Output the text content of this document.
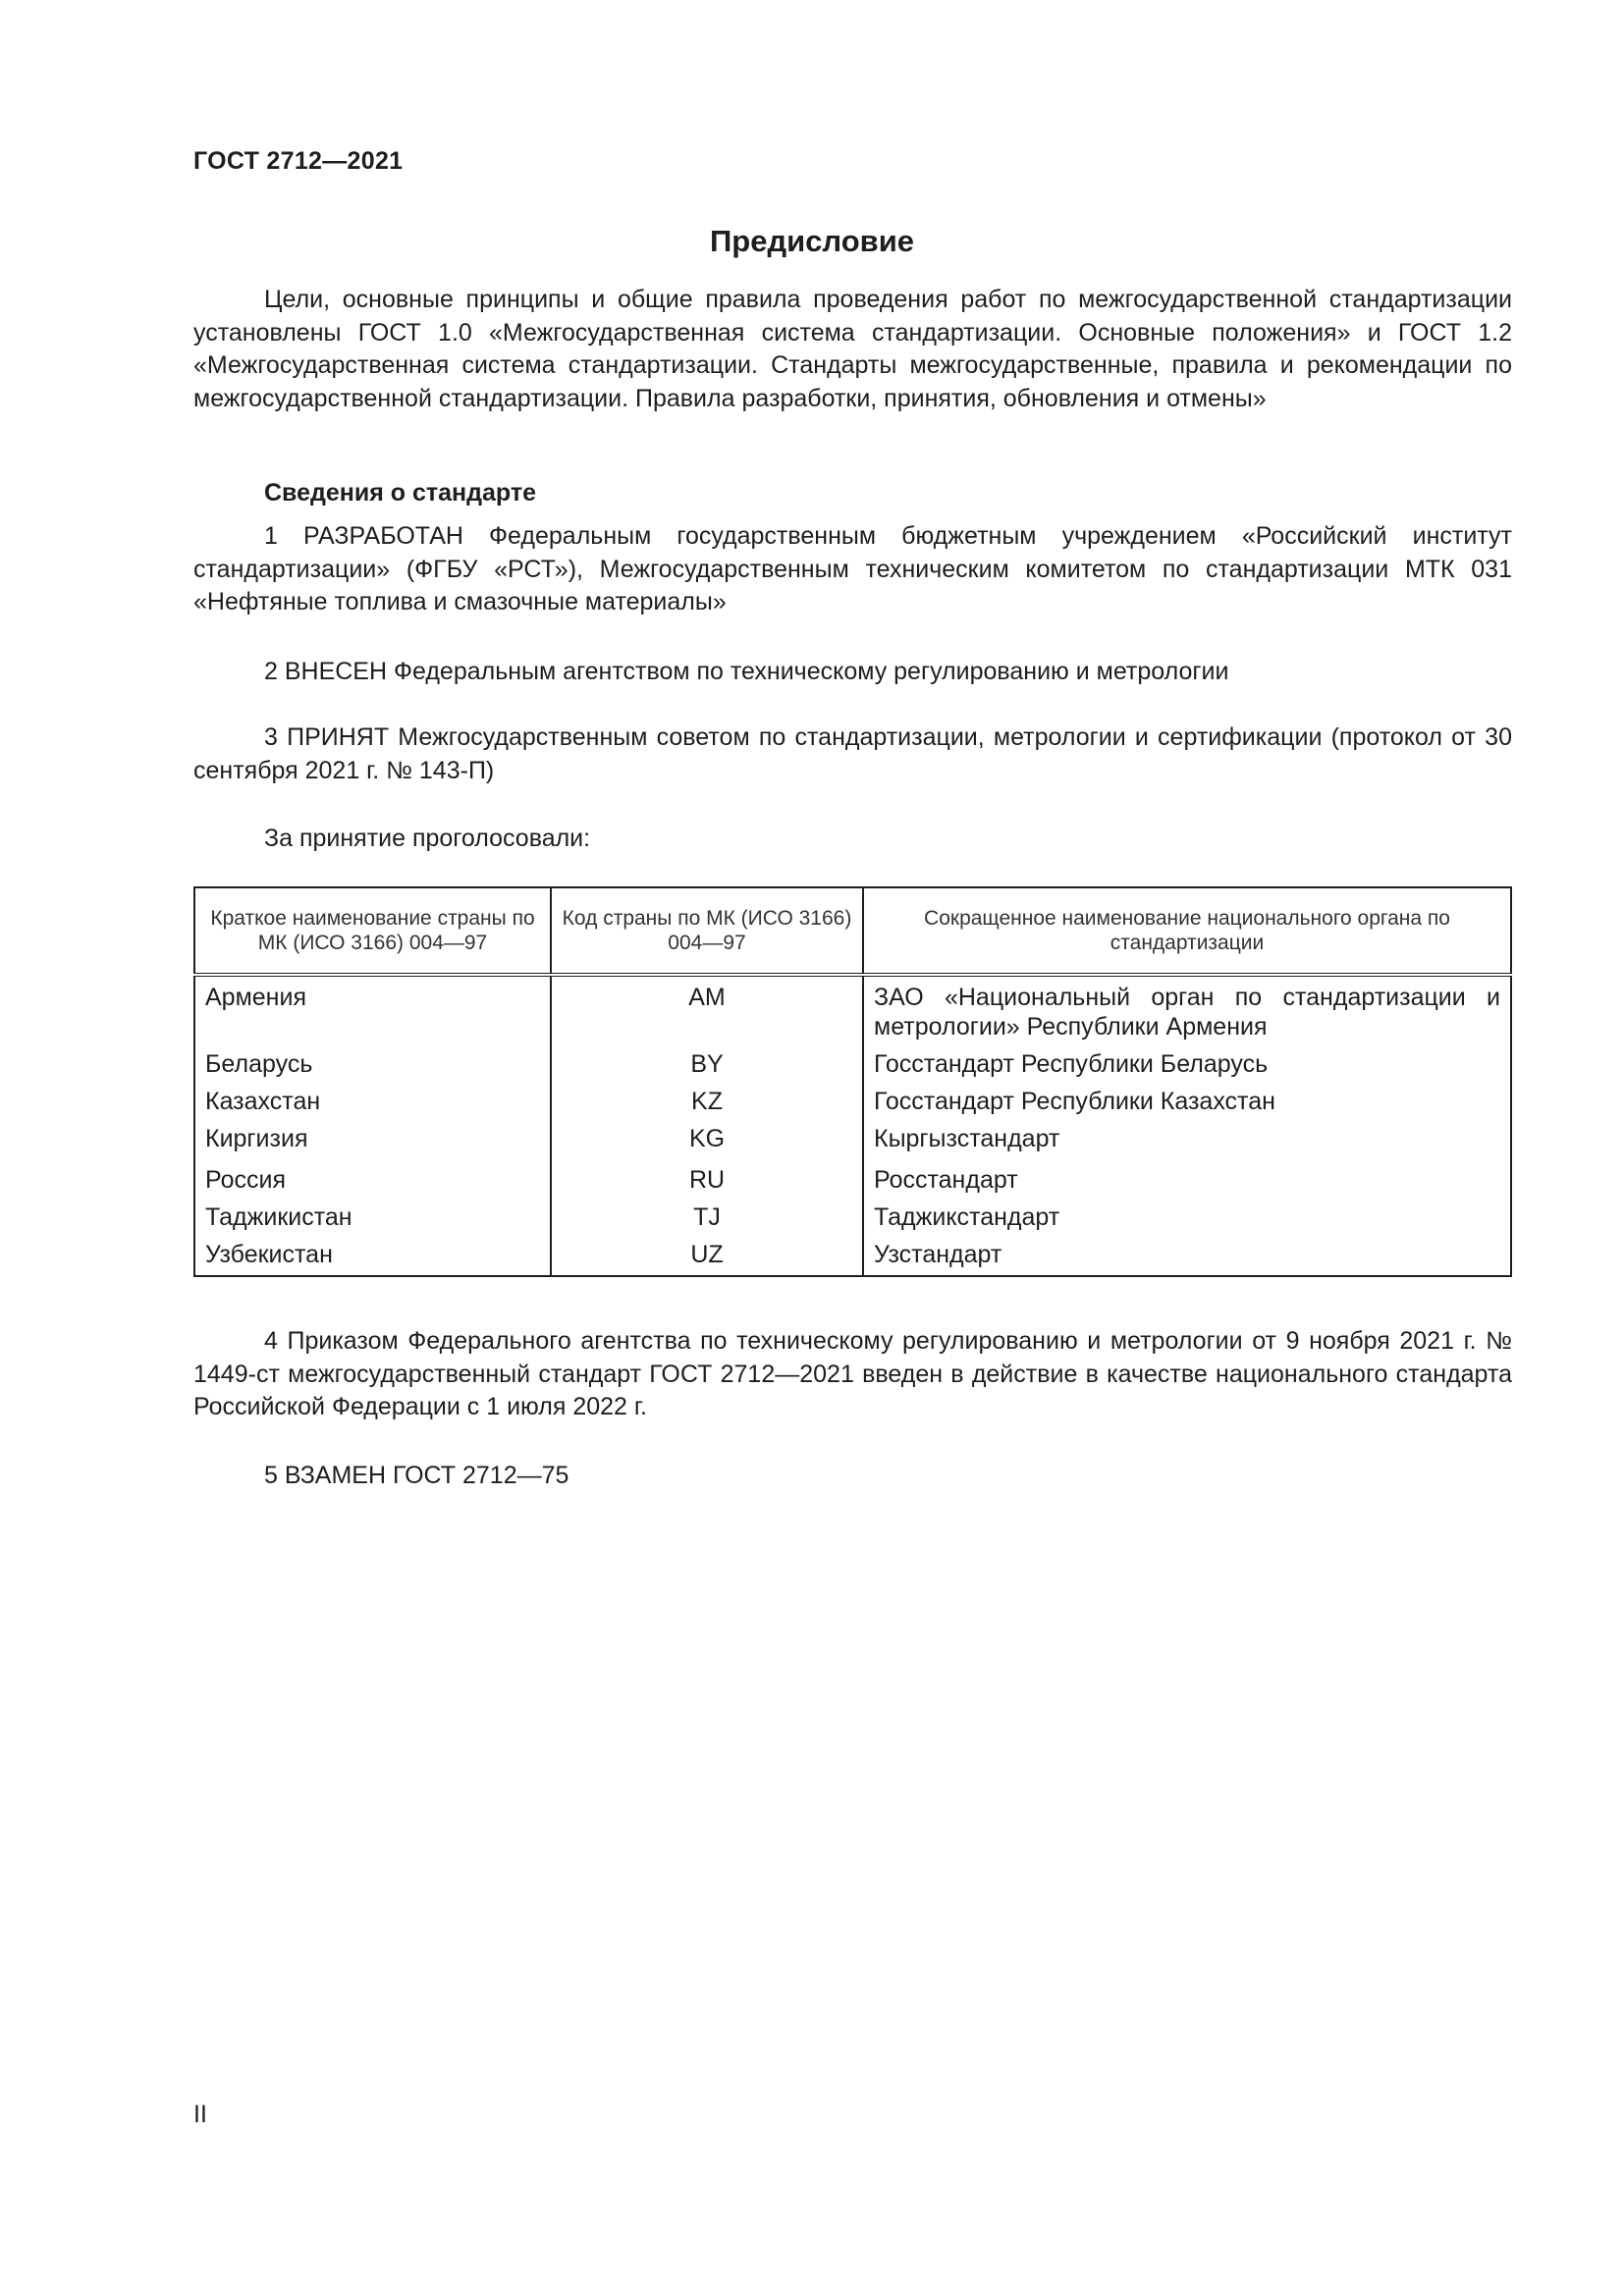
ГОСТ 2712—2021
Предисловие

Цели, основные принципы и общие правила проведения работ по межгосударственной стандартизации установлены ГОСТ 1.0 «Межгосударственная система стандартизации. Основные положения» и ГОСТ 1.2 «Межгосударственная система стандартизации. Стандарты межгосударственные, правила и рекомендации по межгосударственной стандартизации. Правила разработки, принятия, обновления и отмены»

Сведения о стандарте

1 РАЗРАБОТАН Федеральным государственным бюджетным учреждением «Российский институт стандартизации» (ФГБУ «РСТ»), Межгосударственным техническим комитетом по стандартизации МТК 031 «Нефтяные топлива и смазочные материалы»

2 ВНЕСЕН Федеральным агентством по техническому регулированию и метрологии

3 ПРИНЯТ Межгосударственным советом по стандартизации, метрологии и сертификации (протокол от 30 сентября 2021 г. № 143-П)

За принятие проголосовали:
Краткое наименование страны по МК (ИСО 3166) 004—97	Код страны по МК (ИСО 3166) 004—97	Сокращенное наименование национального органа по стандартизации
Армения	AM	ЗАО «Национальный орган по стандартизации и метрологии» Республики Армения
Беларусь	BY	Госстандарт Республики Беларусь
Казахстан	KZ	Госстандарт Республики Казахстан
Киргизия	KG	Кыргызстандарт
Россия	RU	Росстандарт
Таджикистан	TJ	Таджикстандарт
Узбекистан	UZ	Узстандарт

4 Приказом Федерального агентства по техническому регулированию и метрологии от 9 ноября 2021 г. № 1449-ст межгосударственный стандарт ГОСТ 2712—2021 введен в действие в качестве национального стандарта Российской Федерации с 1 июля 2022 г.

5 ВЗАМЕН ГОСТ 2712—75
II
